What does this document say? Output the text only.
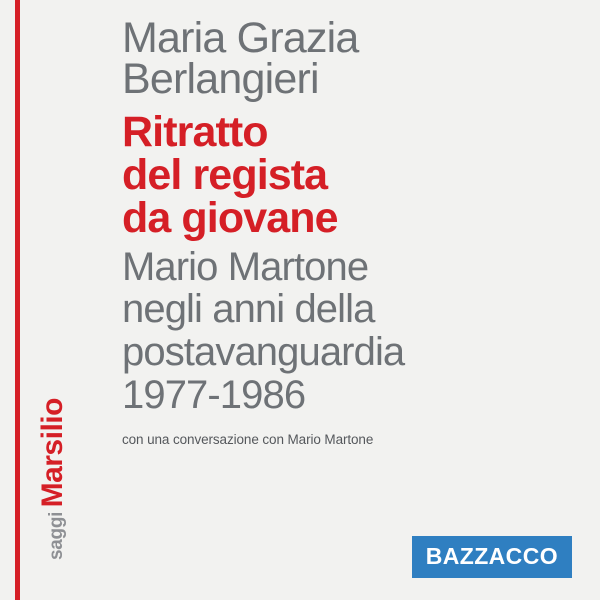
saggi Marsilio
Maria Grazia
Berlangieri
Ritratto
del regista
da giovane
Mario Martone
negli anni della
postavanguardia
1977-1986
con una conversazione con Mario Martone
BAZZACCO
